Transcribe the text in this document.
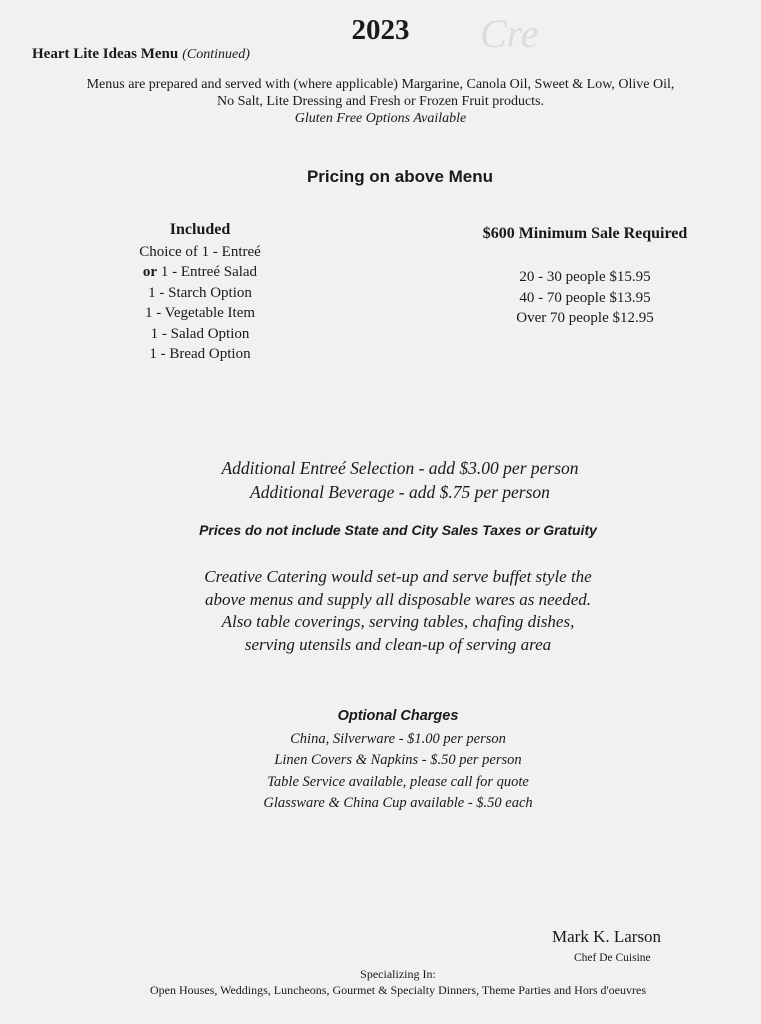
Cre
2023
Heart Lite Ideas Menu (Continued)
Menus are prepared and served with (where applicable) Margarine, Canola Oil, Sweet & Low, Olive Oil,
No Salt, Lite Dressing and Fresh or Frozen Fruit products.
Gluten Free Options Available
Pricing on above Menu
Included
Choice of 1 - Entreé
or 1 - Entreé Salad
1 - Starch Option
1 - Vegetable Item
1 - Salad Option
1 - Bread Option
$600 Minimum Sale Required
20 - 30 people $15.95
40 - 70 people $13.95
Over 70 people $12.95
Additional Entreé Selection - add $3.00 per person
Additional Beverage - add $.75 per person
Prices do not include State and City Sales Taxes or Gratuity
Creative Catering would set-up and serve buffet style the
above menus and supply all disposable wares as needed.
Also table coverings, serving tables, chafing dishes,
serving utensils and clean-up of serving area
Optional Charges
China, Silverware - $1.00 per person
Linen Covers & Napkins - $.50 per person
Table Service available, please call for quote
Glassware & China Cup available - $.50 each
Mark K. Larson
Chef De Cuisine
Specializing In:
Open Houses, Weddings, Luncheons, Gourmet & Specialty Dinners, Theme Parties and Hors d'oeuvres
